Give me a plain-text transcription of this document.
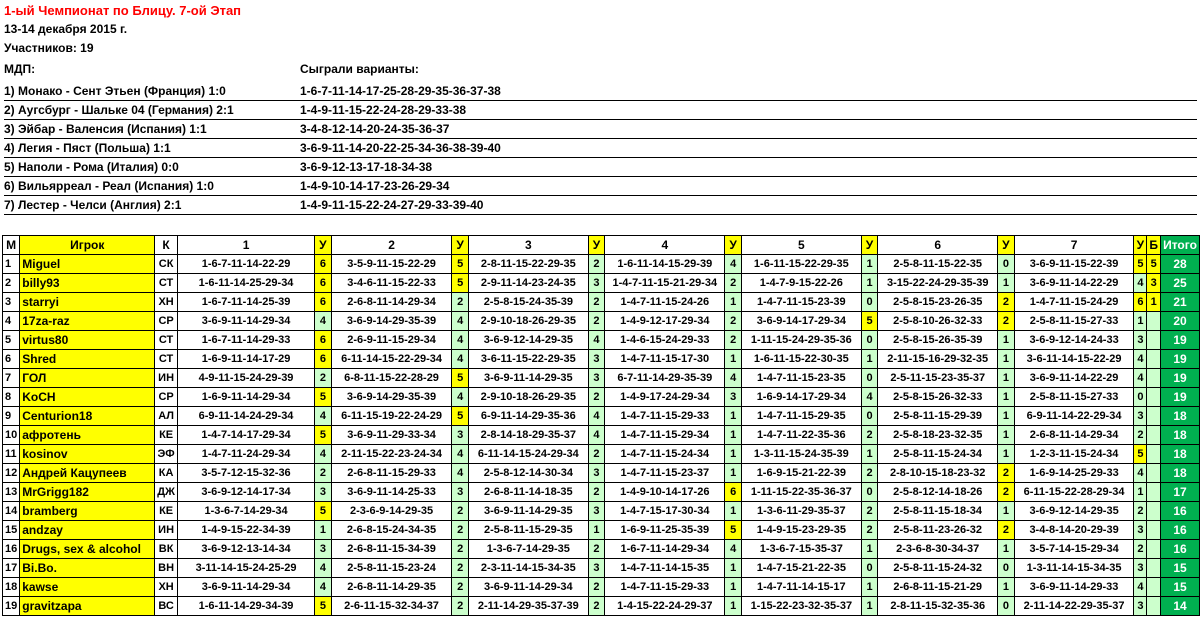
1-ый Чемпионат по Блицу. 7-ой Этап
13-14 декабря 2015 г.
Участников: 19
МДП:	Сыграли варианты:
1) Монако - Сент Этьен (Франция) 1:0	1-6-7-11-14-17-25-28-29-35-36-37-38
2) Аугсбург - Шальке 04 (Германия) 2:1	1-4-9-11-15-22-24-28-29-33-38
3) Эйбар - Валенсия (Испания) 1:1	3-4-8-12-14-20-24-35-36-37
4) Легия - Пяст (Польша) 1:1	3-6-9-11-14-20-22-25-34-36-38-39-40
5) Наполи - Рома (Италия) 0:0	3-6-9-12-13-17-18-34-38
6) Вильярреал - Реал (Испания) 1:0	1-4-9-10-14-17-23-26-29-34
7) Лестер - Челси (Англия) 2:1	1-4-9-11-15-22-24-27-29-33-39-40
М	Игрок	К	1	У	2	У	3	У	4	У	5	У	6	У	7	У	Б	Итого
1	Miguel	СК	1-6-7-11-14-22-29	6	3-5-9-11-15-22-29	5	2-8-11-15-22-29-35	2	1-6-11-14-15-29-39	4	1-6-11-15-22-29-35	1	2-5-8-11-15-22-35	0	3-6-9-11-15-22-39	5	5	28
2	billy93	СТ	1-6-11-14-25-29-34	6	3-4-6-11-15-22-33	5	2-9-11-14-23-24-35	3	1-4-7-11-15-21-29-34	2	1-4-7-9-15-22-26	1	3-15-22-24-29-35-39	1	3-6-9-11-14-22-29	4	3	25
3	starryi	ХН	1-6-7-11-14-25-39	6	2-6-8-11-14-29-34	2	2-5-8-15-24-35-39	2	1-4-7-11-15-24-26	1	1-4-7-11-15-23-39	0	2-5-8-15-23-26-35	2	1-4-7-11-15-24-29	6	1	21
4	17za-raz	СР	3-6-9-11-14-29-34	4	3-6-9-14-29-35-39	4	2-9-10-18-26-29-35	2	1-4-9-12-17-29-34	2	3-6-9-14-17-29-34	5	2-5-8-10-26-32-33	2	2-5-8-11-15-27-33	1		20
5	virtus80	СТ	1-6-7-11-14-29-33	6	2-6-9-11-15-29-34	4	3-6-9-12-14-29-35	4	1-4-6-15-24-29-33	2	1-11-15-24-29-35-36	0	2-5-8-15-26-35-39	1	3-6-9-12-14-24-33	3		19
6	Shred	СТ	1-6-9-11-14-17-29	6	6-11-14-15-22-29-34	4	3-6-11-15-22-29-35	3	1-4-7-11-15-17-30	1	1-6-11-15-22-30-35	1	2-11-15-16-29-32-35	1	3-6-11-14-15-22-29	4		19
7	ГОЛ	ИН	4-9-11-15-24-29-39	2	6-8-11-15-22-28-29	5	3-6-9-11-14-29-35	3	6-7-11-14-29-35-39	4	1-4-7-11-15-23-35	0	2-5-11-15-23-35-37	1	3-6-9-11-14-22-29	4		19
8	KoCH	СР	1-6-9-11-14-29-34	5	3-6-9-14-29-35-39	4	2-9-10-18-26-29-35	2	1-4-9-17-24-29-34	3	1-6-9-14-17-29-34	4	2-5-8-15-26-32-33	1	2-5-8-11-15-27-33	0		19
9	Centurion18	АЛ	6-9-11-14-24-29-34	4	6-11-15-19-22-24-29	5	6-9-11-14-29-35-36	4	1-4-7-11-15-29-33	1	1-4-7-11-15-29-35	0	2-5-8-11-15-29-39	1	6-9-11-14-22-29-34	3		18
10	афротень	КЕ	1-4-7-14-17-29-34	5	3-6-9-11-29-33-34	3	2-8-14-18-29-35-37	4	1-4-7-11-15-29-34	1	1-4-7-11-22-35-36	2	2-5-8-18-23-32-35	1	2-6-8-11-14-29-34	2		18
11	kosinov	ЭФ	1-4-7-11-24-29-34	4	2-11-15-22-23-24-34	4	6-11-14-15-24-29-34	2	1-4-7-11-15-24-34	1	1-3-11-15-24-35-39	1	2-5-8-11-15-24-34	1	1-2-3-11-15-24-34	5		18
12	Андрей Кацупеев	КА	3-5-7-12-15-32-36	2	2-6-8-11-15-29-33	4	2-5-8-12-14-30-34	3	1-4-7-11-15-23-37	1	1-6-9-15-21-22-39	2	2-8-10-15-18-23-32	2	1-6-9-14-25-29-33	4		18
13	MrGrigg182	ДЖ	3-6-9-12-14-17-34	3	3-6-9-11-14-25-33	3	2-6-8-11-14-18-35	2	1-4-9-10-14-17-26	6	1-11-15-22-35-36-37	0	2-5-8-12-14-18-26	2	6-11-15-22-28-29-34	1		17
14	bramberg	КЕ	1-3-6-7-14-29-34	5	2-3-6-9-14-29-35	2	3-6-9-11-14-29-35	3	1-4-7-15-17-30-34	1	1-3-6-11-29-35-37	2	2-5-8-11-15-18-34	1	3-6-9-12-14-29-35	2		16
15	andzay	ИН	1-4-9-15-22-34-39	1	2-6-8-15-24-34-35	2	2-5-8-11-15-29-35	1	1-6-9-11-25-35-39	5	1-4-9-15-23-29-35	2	2-5-8-11-23-26-32	2	3-4-8-14-20-29-39	3		16
16	Drugs, sex & alcohol	ВК	3-6-9-12-13-14-34	3	2-6-8-11-15-34-39	2	1-3-6-7-14-29-35	2	1-6-7-11-14-29-34	4	1-3-6-7-15-35-37	1	2-3-6-8-30-34-37	1	3-5-7-14-15-29-34	2		16
17	Bi.Bo.	ВН	3-11-14-15-24-25-29	4	2-5-8-11-15-23-24	2	2-3-11-14-15-34-35	3	1-4-7-11-14-15-35	1	1-4-7-15-21-22-35	0	2-5-8-11-15-24-32	0	1-3-11-14-15-34-35	3		15
18	kawse	ХН	3-6-9-11-14-29-34	4	2-6-8-11-14-29-35	2	3-6-9-11-14-29-34	2	1-4-7-11-15-29-33	1	1-4-7-11-14-15-17	1	2-6-8-11-15-21-29	1	3-6-9-11-14-29-33	4		15
19	gravitzapa	ВС	1-6-11-14-29-34-39	5	2-6-11-15-32-34-37	2	2-11-14-29-35-37-39	2	1-4-15-22-24-29-37	1	1-15-22-23-32-35-37	1	2-8-11-15-32-35-36	0	2-11-14-22-29-35-37	3		14
